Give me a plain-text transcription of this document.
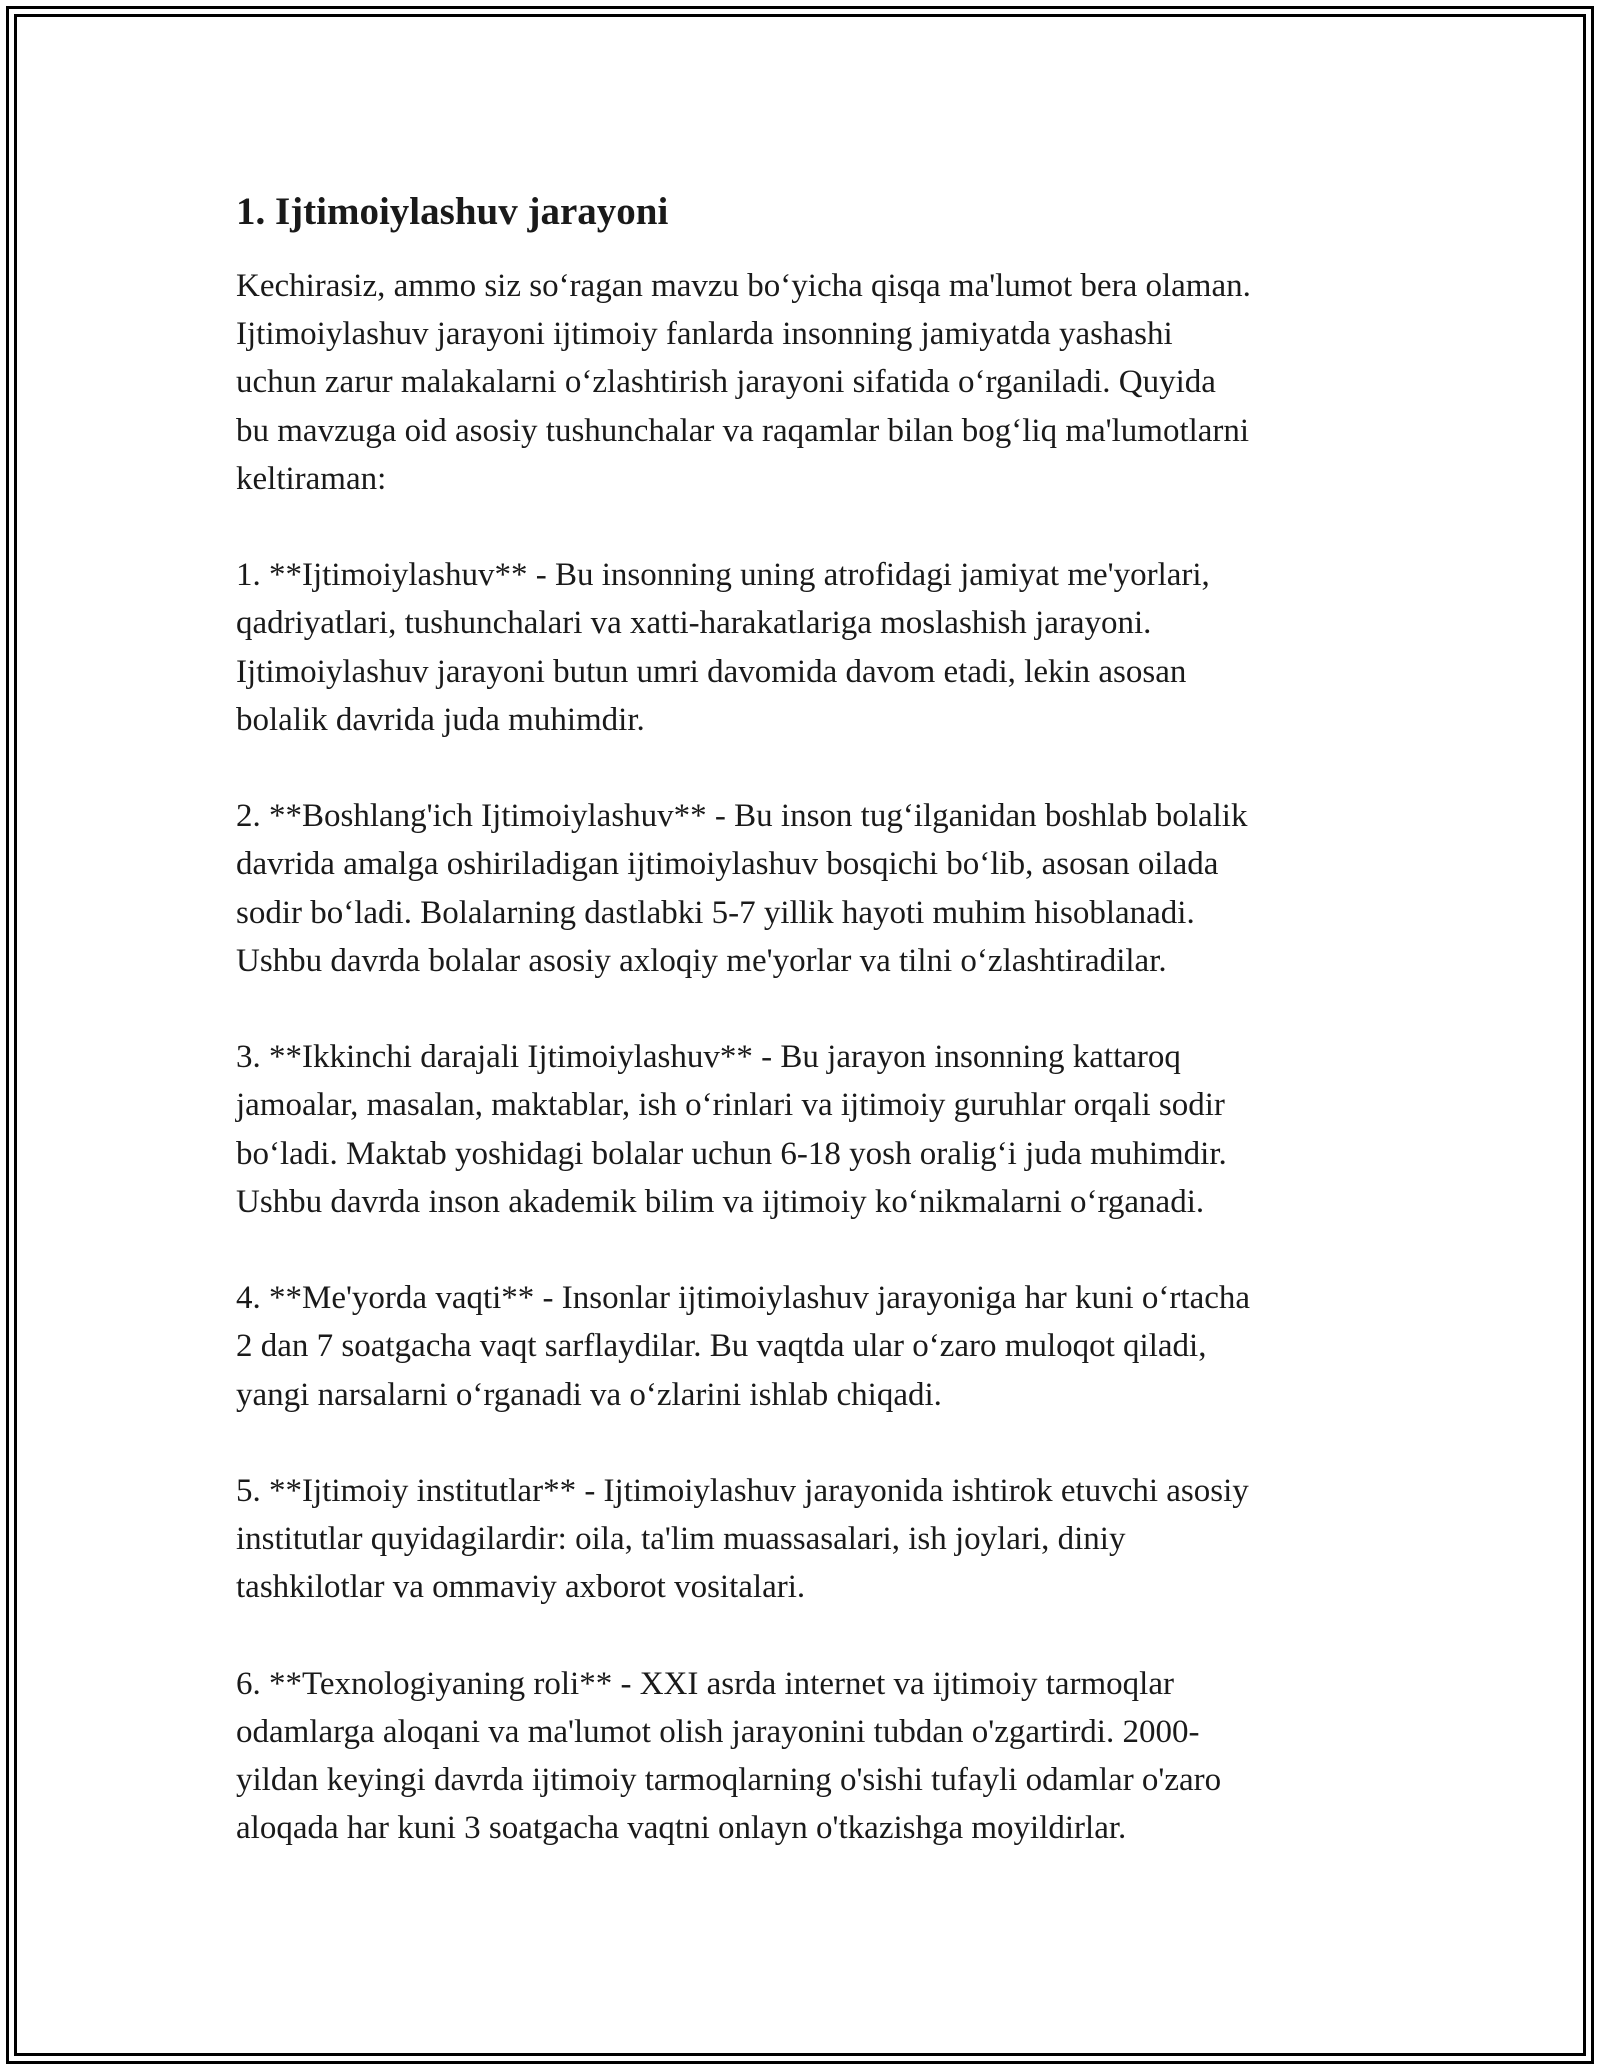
1. Ijtimoiylashuv jarayoni
Kechirasiz, ammo siz so‘ragan mavzu bo‘yicha qisqa ma'lumot bera olaman.
Ijtimoiylashuv jarayoni ijtimoiy fanlarda insonning jamiyatda yashashi
uchun zarur malakalarni o‘zlashtirish jarayoni sifatida o‘rganiladi. Quyida
bu mavzuga oid asosiy tushunchalar va raqamlar bilan bog‘liq ma'lumotlarni
keltiraman:
1. **Ijtimoiylashuv** - Bu insonning uning atrofidagi jamiyat me'yorlari,
qadriyatlari, tushunchalari va xatti-harakatlariga moslashish jarayoni.
Ijtimoiylashuv jarayoni butun umri davomida davom etadi, lekin asosan
bolalik davrida juda muhimdir.
2. **Boshlang'ich Ijtimoiylashuv** - Bu inson tug‘ilganidan boshlab bolalik
davrida amalga oshiriladigan ijtimoiylashuv bosqichi bo‘lib, asosan oilada
sodir bo‘ladi. Bolalarning dastlabki 5-7 yillik hayoti muhim hisoblanadi.
Ushbu davrda bolalar asosiy axloqiy me'yorlar va tilni o‘zlashtiradilar.
3. **Ikkinchi darajali Ijtimoiylashuv** - Bu jarayon insonning kattaroq
jamoalar, masalan, maktablar, ish o‘rinlari va ijtimoiy guruhlar orqali sodir
bo‘ladi. Maktab yoshidagi bolalar uchun 6-18 yosh oralig‘i juda muhimdir.
Ushbu davrda inson akademik bilim va ijtimoiy ko‘nikmalarni o‘rganadi.
4. **Me'yorda vaqti** - Insonlar ijtimoiylashuv jarayoniga har kuni o‘rtacha
2 dan 7 soatgacha vaqt sarflaydilar. Bu vaqtda ular o‘zaro muloqot qiladi,
yangi narsalarni o‘rganadi va o‘zlarini ishlab chiqadi.
5. **Ijtimoiy institutlar** - Ijtimoiylashuv jarayonida ishtirok etuvchi asosiy
institutlar quyidagilardir: oila, ta'lim muassasalari, ish joylari, diniy
tashkilotlar va ommaviy axborot vositalari.
6. **Texnologiyaning roli** - XXI asrda internet va ijtimoiy tarmoqlar
odamlarga aloqani va ma'lumot olish jarayonini tubdan o'zgartirdi. 2000-
yildan keyingi davrda ijtimoiy tarmoqlarning o'sishi tufayli odamlar o'zaro
aloqada har kuni 3 soatgacha vaqtni onlayn o'tkazishga moyildirlar.
